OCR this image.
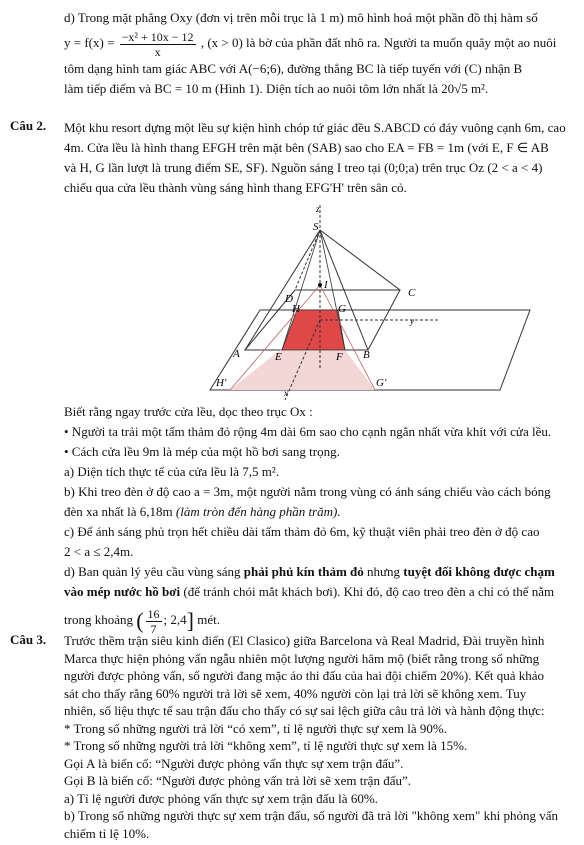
d) Trong mặt phẳng Oxy (đơn vị trên mỗi trục là 1 m) mô hình hoá một phần đồ thị hàm số

$y = f(x) = \frac{\text{−x² + 10x − 12}}{x}$ , (x > 0) là bờ của phần đất nhô ra. Người ta muốn quây một ao nuôi

tôm dạng hình tam giác ABC với A(−6;6), đường thẳng BC là tiếp tuyến với (C) nhận B

làm tiếp điểm và BC = 10 m (Hình 1). Diện tích ao nuôi tôm lớn nhất là 20√5 m².

Câu 2. Một khu resort dựng một lều sự kiện hình chóp tứ giác đều S.ABCD có đáy vuông cạnh 6m, cao

4m. Cửa lều là hình thang EFGH trên mặt bên (SAB) sao cho EA = FB = 1m (với E, F ∈ AB

và H, G lần lượt là trung điểm SE, SF). Nguồn sáng I treo tại (0;0;a) trên trục Oz (2 < a < 4)

chiếu qua cửa lều thành vùng sáng hình thang EFG'H' trên sân cỏ.

z
S
I
D
H	G
C
y
A	E	F B
H'	G'
x

Biết rằng ngay trước cửa lều, dọc theo trục Ox :

• Người ta trải một tấm thảm đỏ rộng 4m dài 6m sao cho cạnh ngắn nhất vừa khít với cửa lều.

• Cách cửa lều 9m là mép của một hồ bơi sang trọng.

a) Diện tích thực tế của cửa lều là 7,5 m².

b) Khi treo đèn ở độ cao a = 3m, một người nằm trong vùng có ánh sáng chiếu vào cách bóng

đèn xa nhất là 6,18m (làm tròn đến hàng phần trăm).

c) Để ánh sáng phủ trọn hết chiều dài tấm thảm đỏ 6m, kỹ thuật viên phải treo đèn ở độ cao

2 < a ≤ 2,4m.

d) Ban quản lý yêu cầu vùng sáng phải phủ kín thảm đỏ nhưng tuyệt đối không được chạm

vào mép nước hồ bơi (để tránh chói mắt khách bơi). Khi đó, độ cao treo đèn a chỉ có thể nằm

trong khoảng ( $\frac{16}{7}$ ; 2,4] mét.

Câu 3. Trước thềm trận siêu kinh điển (El Clasico) giữa Barcelona và Real Madrid, Đài truyền hình

Marca thực hiện phỏng vấn ngẫu nhiên một lượng người hâm mộ (biết rằng trong số những

người được phỏng vấn, số người đang mặc áo thi đấu của hai đội chiếm 20%). Kết quả khảo

sát cho thấy rằng 60% người trả lời sẽ xem, 40% người còn lại trả lời sẽ không xem. Tuy

nhiên, số liệu thực tế sau trận đấu cho thấy có sự sai lệch giữa câu trả lời và hành động thực:

* Trong số những người trả lời “có xem”, tỉ lệ người thực sự xem là 90%.

* Trong số những người trả lời “không xem”, tỉ lệ người thực sự xem là 15%.

Gọi A là biến cố: “Người được phỏng vấn thực sự xem trận đấu”.

Gọi B là biến cố: “Người được phỏng vấn trả lời sẽ xem trận đấu”.

a) Tỉ lệ người được phỏng vấn thực sự xem trận đấu là 60%.

b) Trong số những người thực sự xem trận đấu, số người đã trả lời "không xem" khi phỏng vấn

chiếm tỉ lệ 10%.
